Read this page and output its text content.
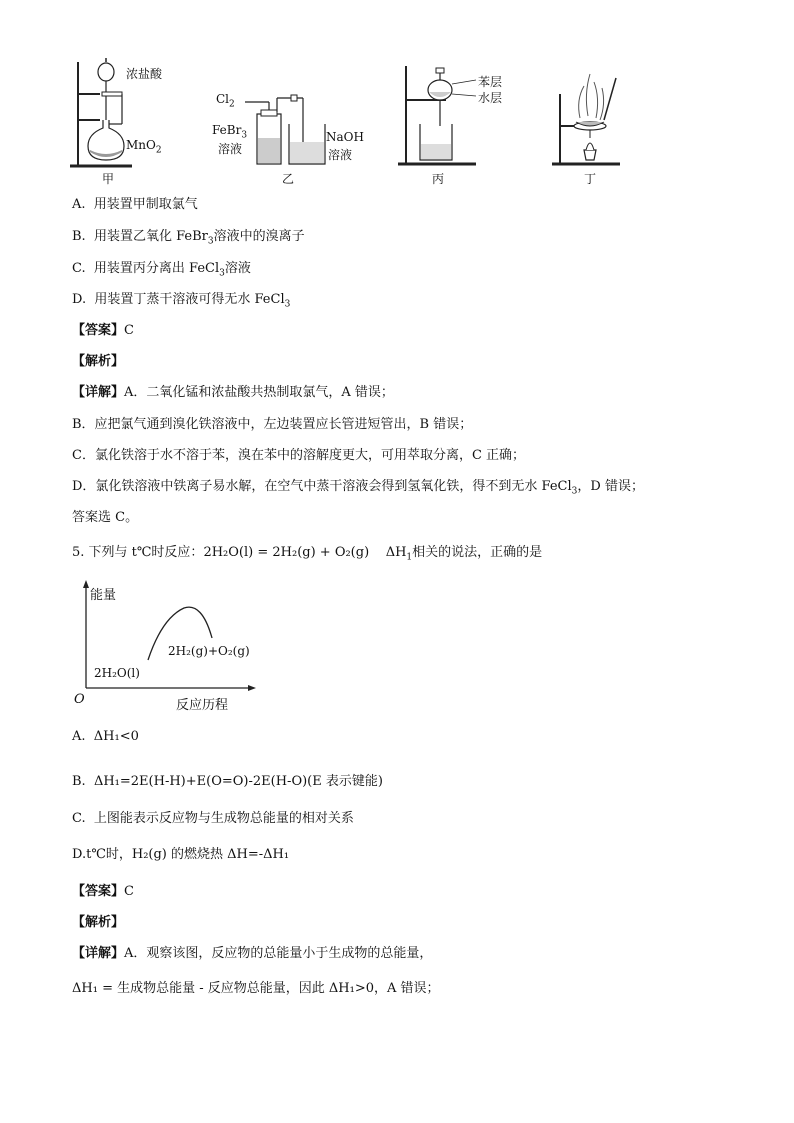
浓盐酸
MnO$_2$
甲
$Cl_2$
FeBr$_3$
溶液
NaOH
溶液
乙
苯层
水层
丙	丁
A. 用装置甲制取氯气
B. 用装置乙氧化 FeBr$_3$溶液中的溴离子
C. 用装置丙分离出 FeCl$_3$溶液
D. 用装置丁蒸干溶液可得无水 FeCl$_3$
【答案】C
【解析】
【详解】A．二氧化锰和浓盐酸共热制取氯气，A 错误；
B．应把氯气通到溴化铁溶液中，左边装置应长管进短管出，B 错误；
C．氯化铁溶于水不溶于苯，溴在苯中的溶解度更大，可用萃取分离，C 正确；
D．氯化铁溶液中铁离子易水解，在空气中蒸干溶液会得到氢氧化铁，得不到无水 FeCl$_3$，D 错误；
答案选 C。
5. 下列与 t℃时反应：2H₂O(l) = 2H₂(g) + O₂(g) $\Delta H_1$相关的说法，正确的是
能量
O	反应历程
2H₂O(l)
2H₂(g)+O₂(g)
A. ΔH₁<0
B. ΔH₁=2E(H-H)+E(O=O)-2E(H-O)(E 表示键能)
C. 上图能表示反应物与生成物总能量的相对关系
D.t℃时，H₂(g) 的燃烧热 ΔH=-ΔH₁
【答案】C
【解析】
【详解】A．观察该图，反应物的总能量小于生成物的总能量，
ΔH₁ = 生成物总能量 - 反应物总能量，因此 ΔH₁>0，A 错误；
